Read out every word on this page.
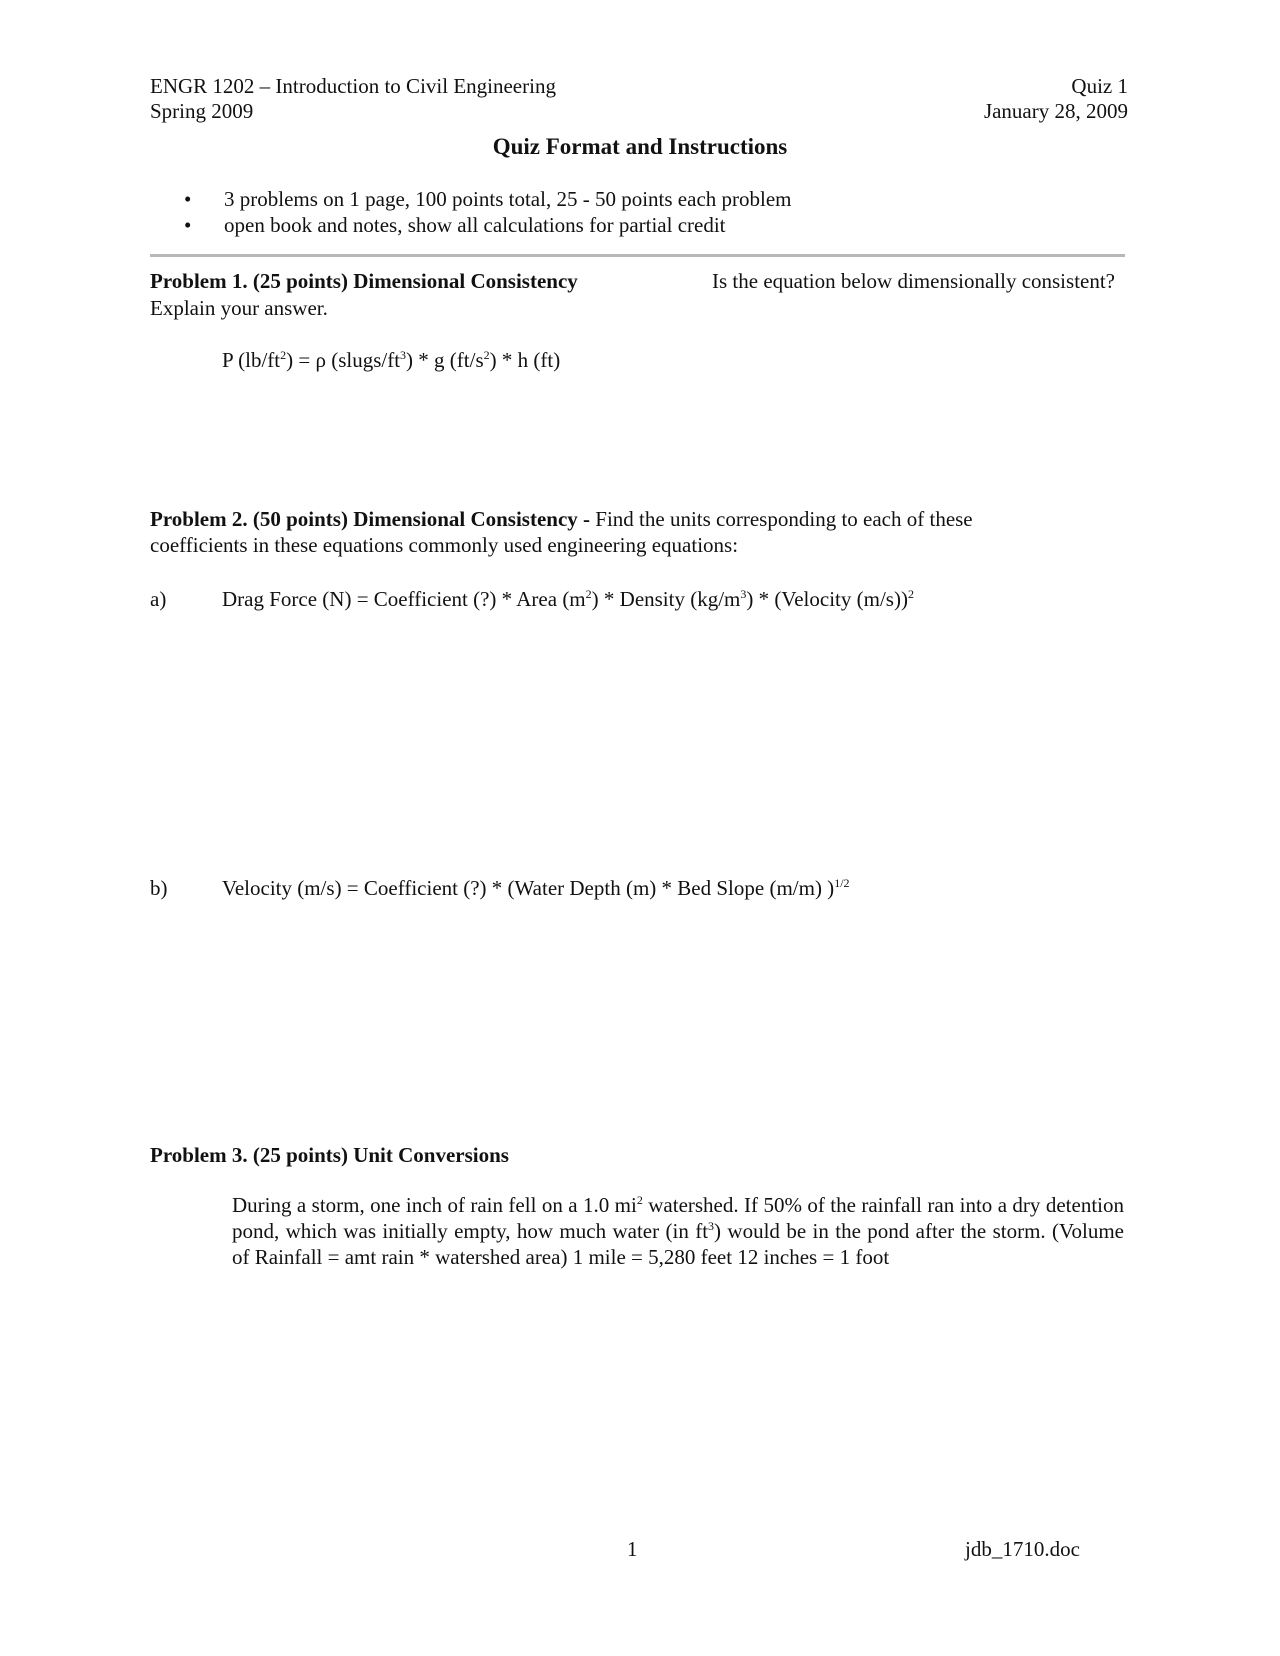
ENGR 1202 – Introduction to Civil Engineering
Spring 2009
Quiz 1
January 28, 2009
Quiz Format and Instructions
•	3 problems on 1 page, 100 points total, 25 - 50 points each problem
•	open book and notes, show all calculations for partial credit
Problem 1. (25 points) Dimensional Consistency	Is the equation below dimensionally consistent?
Explain your answer.
P $(lb/ft^2) = \rho$ $(slugs/ft^3)$ * g $(ft/s^2)$ * h (ft)
Problem 2. (50 points) Dimensional Consistency - Find the units corresponding to each of these
coefficients in these equations commonly used engineering equations:
a)	Drag Force (N) = Coefficient (?) * Area $(m^2)$ * Density $(kg/m^3)$ * (Velocity (m/s))$^2$
b)	Velocity (m/s) = Coefficient (?) * (Water Depth (m) * Bed Slope (m/m) )$^{1/2}$
Problem 3. (25 points) Unit Conversions
During a storm, one inch of rain fell on a 1.0 $mi^2$ watershed. If 50% of the rainfall ran into a dry detention pond, which was initially empty, how much water (in $ft^3$) would be in the pond after the storm. (Volume of Rainfall = amt rain * watershed area) 1 mile = 5,280 feet 12 inches = 1 foot
1	jdb_1710.doc
